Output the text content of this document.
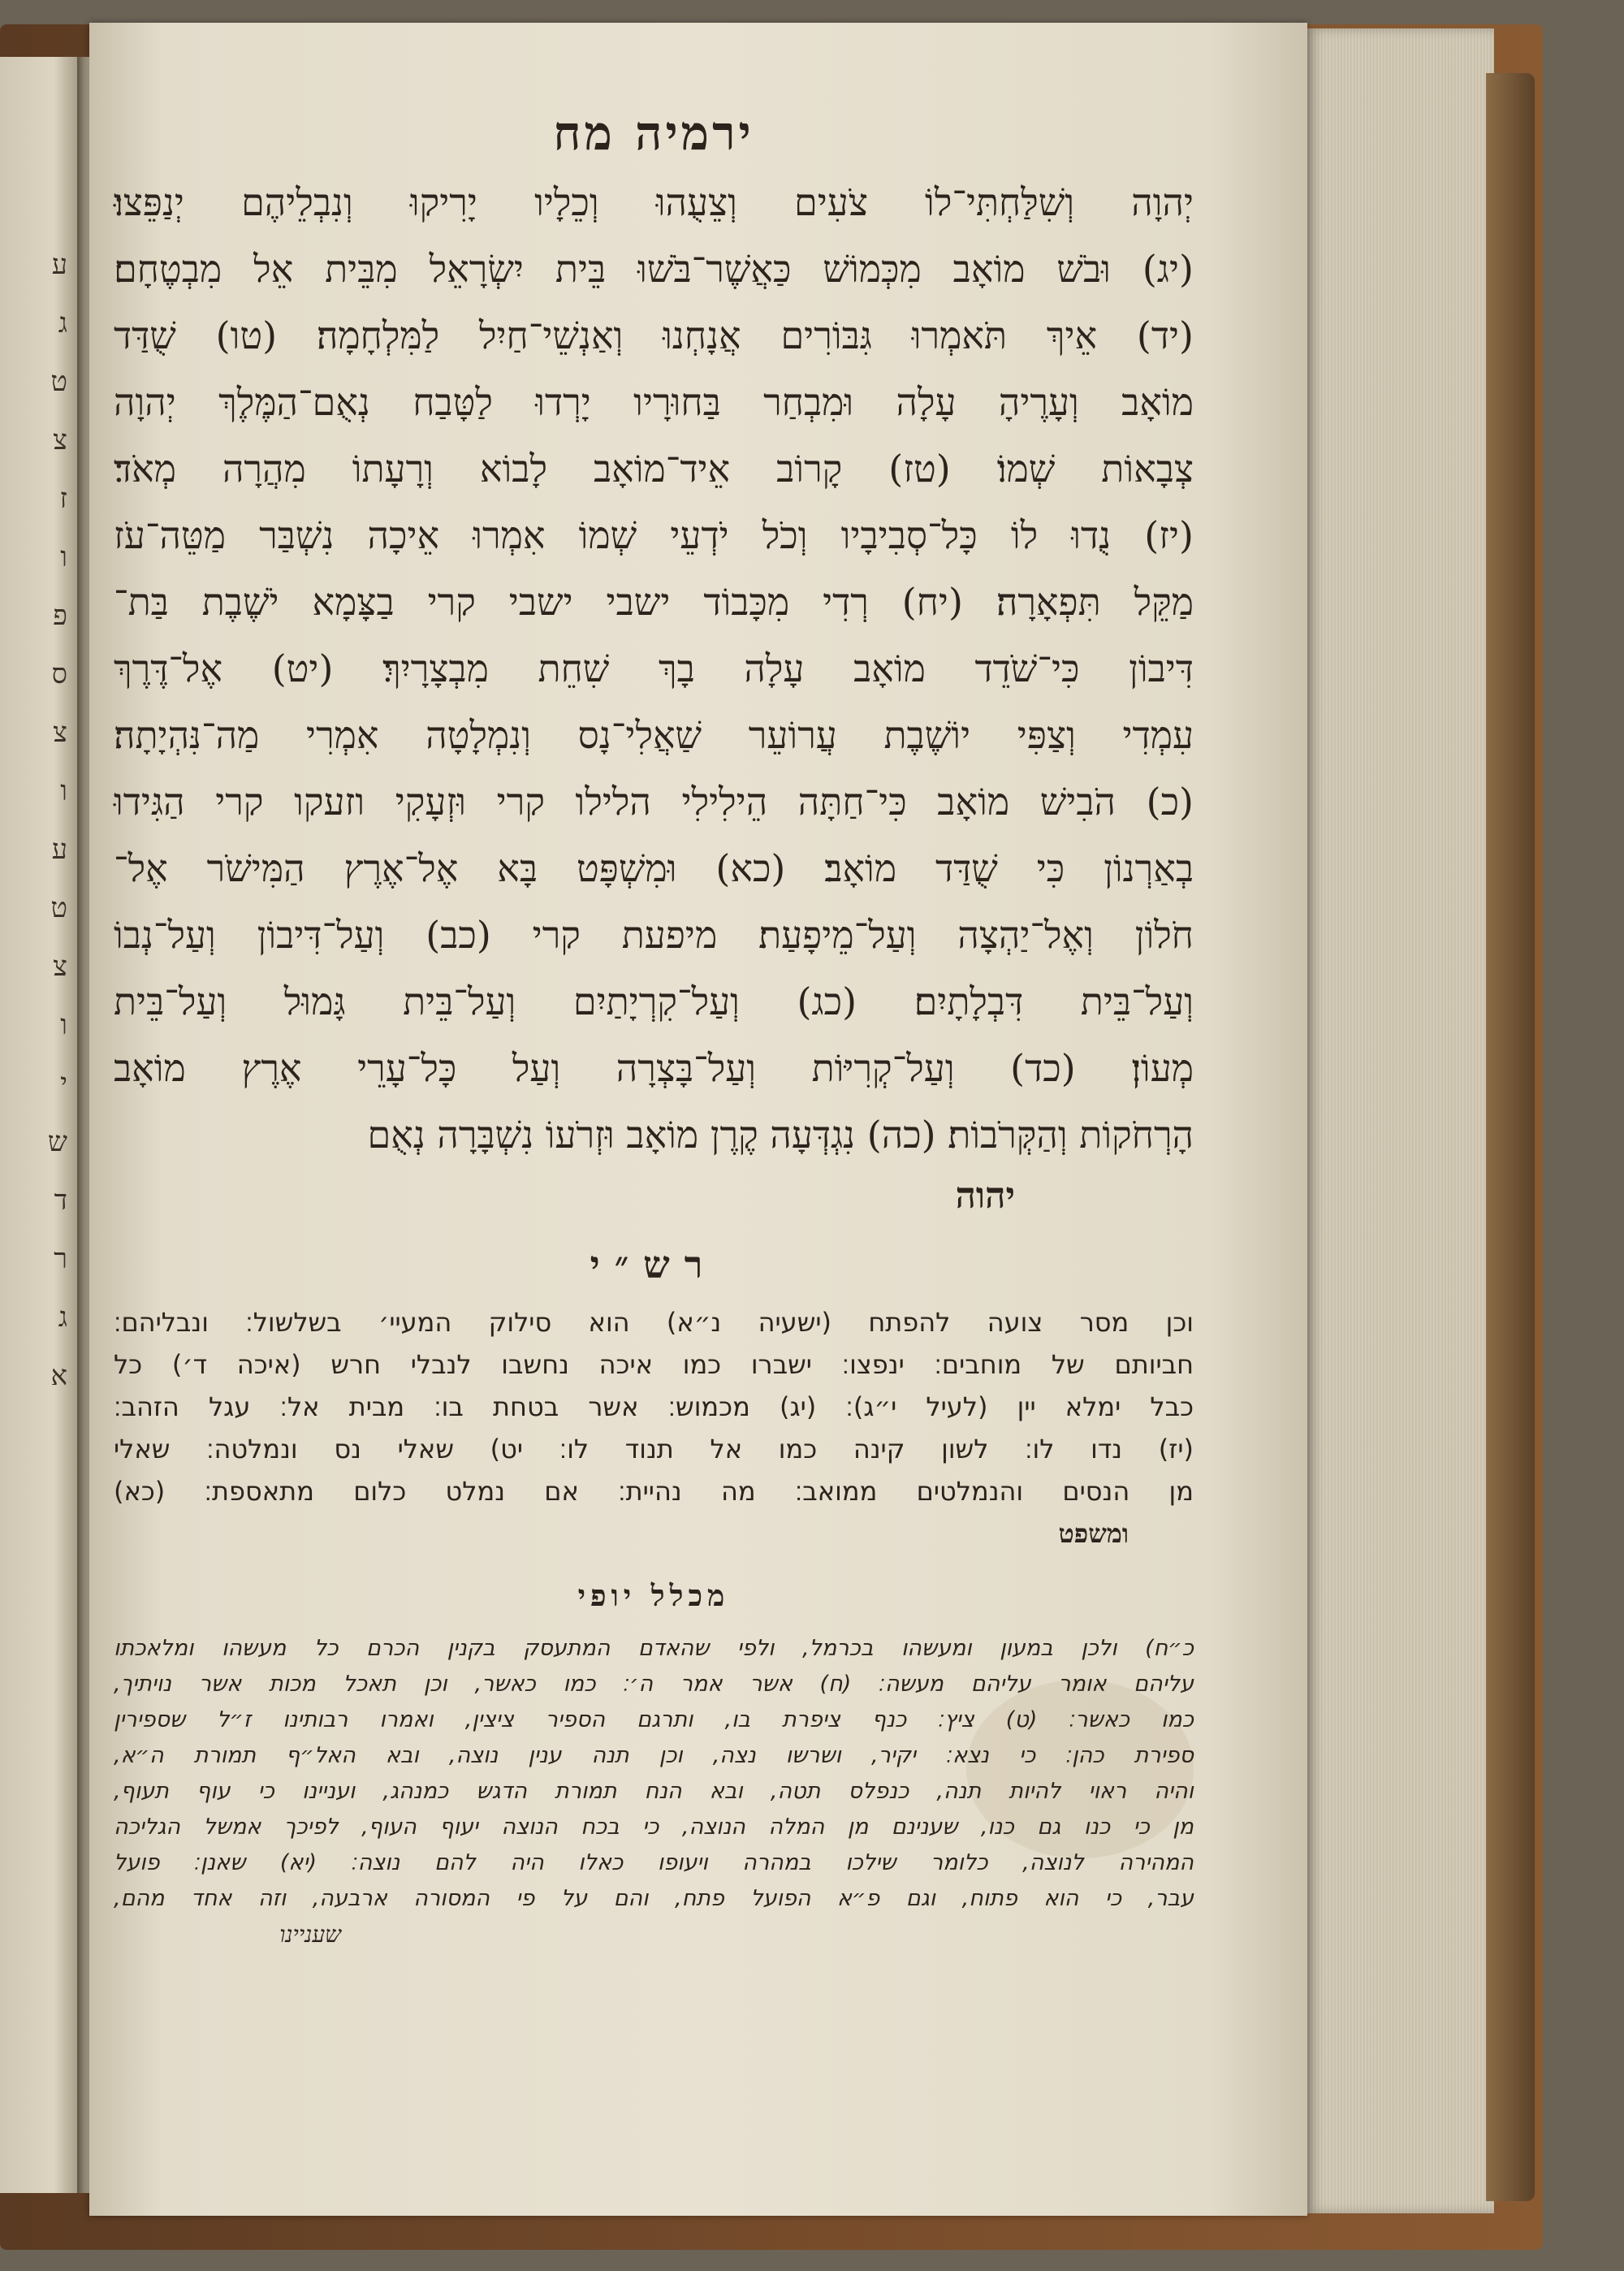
ע
ג
ט
צ
ז
ו
פ
ס
צ
ו
ע
ט
צ
ו
י
ש
ד
ר
ג
א
ירמיה מח
יְהוָה וְשִׁלַּחְתִּי־לוֹ צֹעִים וְצֵעֻהוּ וְכֵלָיו יָרִיקוּ וְנִבְלֵיהֶם יְנַפֵּצוּ׃
(יג) וּבֹשׁ מוֹאָב מִכְּמוֹשׁ כַּאֲשֶׁר־בֹּשׁוּ בֵּית יִשְׂרָאֵל מִבֵּית אֵל מִבְטֶחָם׃
(יד) אֵיךְ תֹּאמְרוּ גִּבּוֹרִים אֲנָחְנוּ וְאַנְשֵׁי־חַיִל לַמִּלְחָמָה׃ (טו) שֻׁדַּד
מוֹאָב וְעָרֶיהָ עָלָה וּמִבְחַר בַּחוּרָיו יָרְדוּ לַטָּבַח נְאֻם־הַמֶּלֶךְ יְהוָה
צְבָאוֹת שְׁמוֹ׃ (טז) קָרוֹב אֵיד־מוֹאָב לָבוֹא וְרָעָתוֹ מִהֲרָה מְאֹד׃
(יז) נֻדוּ לוֹ כָּל־סְבִיבָיו וְכֹל יֹדְעֵי שְׁמוֹ אִמְרוּ אֵיכָה נִשְׁבַּר מַטֵּה־עֹז
מַקֵּל תִּפְאָרָה׃ (יח) רְדִי מִכָּבוֹד ישבי ישבי קרי בַצָּמָא יֹשֶׁבֶת בַּת־
דִּיבוֹן כִּי־שֹׁדֵד מוֹאָב עָלָה בָךְ שִׁחֵת מִבְצָרָיִךְ׃ (יט) אֶל־דֶּרֶךְ
עִמְדִי וְצַפִּי יוֹשֶׁבֶת עֲרוֹעֵר שַׁאֲלִי־נָס וְנִמְלָטָה אִמְרִי מַה־נִּהְיָתָה׃
(כ) הֹבִישׁ מוֹאָב כִּי־חַתָּה הֵילִילִי הלילו קרי וּזְעָקִי וזעקו קרי הַגִּידוּ
בְאַרְנוֹן כִּי שֻׁדַּד מוֹאָב׃ (כא) וּמִשְׁפָּט בָּא אֶל־אֶרֶץ הַמִּישֹׁר אֶל־
חֹלוֹן וְאֶל־יַהְצָה וְעַל־מֵיפָעַת׃ מיפעת קרי (כב) וְעַל־דִּיבוֹן וְעַל־נְבוֹ
וְעַל־בֵּית דִּבְלָתָיִם׃ (כג) וְעַל־קִרְיָתַיִם וְעַל־בֵּית גָּמוּל וְעַל־בֵּית
מְעוֹן׃ (כד) וְעַל־קְרִיּוֹת וְעַל־בָּצְרָה וְעַל כָּל־עָרֵי אֶרֶץ מוֹאָב
הָרְחֹקוֹת וְהַקְּרֹבוֹת׃ (כה) נִגְדְּעָה קֶרֶן מוֹאָב וּזְרֹעוֹ נִשְׁבָּרָה נְאֻם
יהוה
רש״י
וכן מסר צועה להפתח (ישעיה נ״א) הוא סילוק המעיי׳ בשלשול׃ ונבליהם׃
חביותם של מוחבים׃ ינפצו׃ ישברו כמו איכה נחשבו לנבלי חרש (איכה ד׳) כל
כבל ימלא יין (לעיל י״ג)׃ (יג) מכמוש׃ אשר בטחת בו׃ מבית אל׃ עגל הזהב׃
(יז) נדו לו׃ לשון קינה כמו אל תנוד לו׃ יט) שאלי נס ונמלטה׃ שאלי
מן הנסים והנמלטים ממואב׃ מה נהיית׃ אם נמלט כלום מתאספת׃ (כא)
ומשפט
מכלל יופי
כ״ח) ולכן במעון ומעשהו בכרמל, ולפי שהאדם המתעסק בקנין הכרם כל מעשהו ומלאכתו
עליהם אומר עליהם מעשה׃ (ח) אשר אמר ה׳׃ כמו כאשר, וכן תאכל מכות אשר נויתיך,
כמו כאשר׃ (ט) ציץ׃ כנף ציפרת בו, ותרגם הספיר ציצין, ואמרו רבותינו ז״ל שספירין
ספירת כהן׃ כי נצא׃ יקיר, ושרשו נצה, וכן תנה ענין נוצה, ובא האל״ף תמורת ה״א,
והיה ראוי להיות תנה, כנפלס תטה, ובא הנח תמורת הדגש כמנהג, ועניינו כי עוף תעוף,
מן כי כנו גם כנו, שענינם מן המלה הנוצה, כי בכח הנוצה יעוף העוף, לפיכך אמשל הגליכה
המהירה לנוצה, כלומר שילכו במהרה ויעופו כאלו היה להם נוצה׃ (יא) שאנן׃ פועל
עבר, כי הוא פתוח, וגם פ״א הפועל פתח, והם על פי המסורה ארבעה, וזה אחד מהם,
שעניינו
